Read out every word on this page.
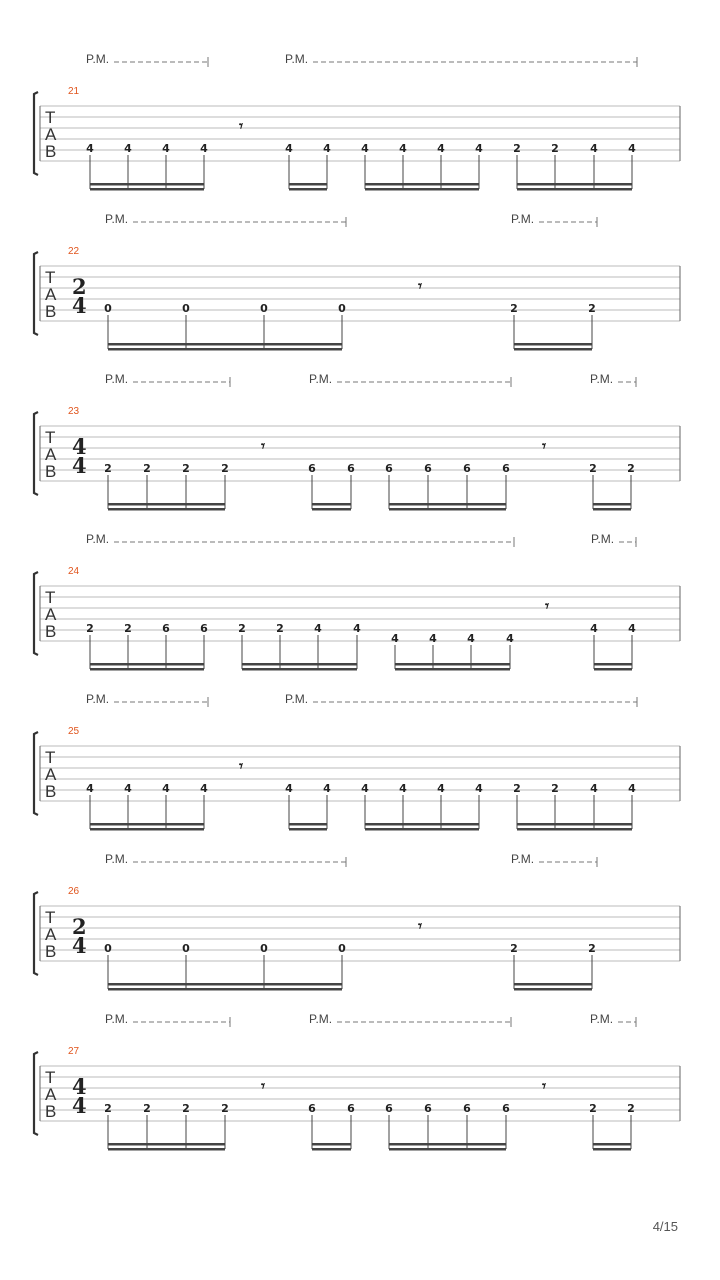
P.M.	P.M.
21
T
A
B	4	4	4	4	4	4	4	4	4	4	2	2	4	4
𝄾
P.M.	P.M.
22
T
A
B
2
4 0	0	0	0	2	2
𝄾
P.M.	P.M.	P.M.
23
T
A
B
4
4 2	2	2	2	6	6	6	6	6	6	2	2
𝄾	𝄾
P.M.	P.M.
24
T
A
B	2	2	6	6	2	2	4	4
4	4	4	4
4	4
𝄾
P.M.	P.M.
25
T
A
B	4	4	4	4	4	4	4	4	4	4	2	2	4	4
𝄾
P.M.	P.M.
26
T
A
B
2
4 0	0	0	0	2	2
𝄾
P.M.	P.M.	P.M.
27
T
A
B
4
4 2	2	2	2	6	6	6	6	6	6	2	2
𝄾	𝄾

4/15
